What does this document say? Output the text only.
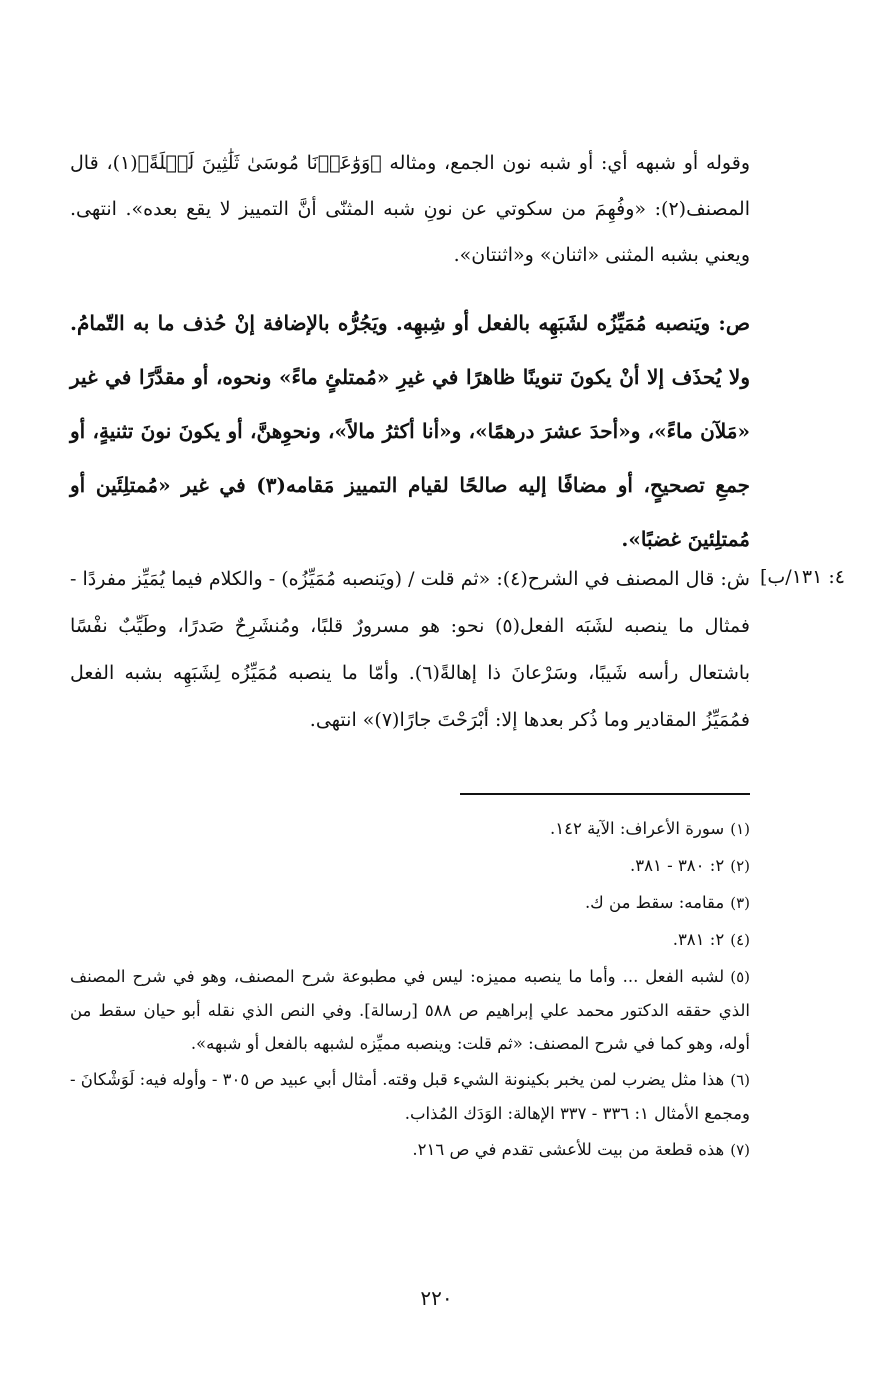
وقوله أو شبهه أي: أو شبه نون الجمع، ومثاله ﴿وَوَٰعَدۡنَا مُوسَىٰ ثَلَٰثِينَ لَيۡلَةً﴾(١)، قال المصنف(٢): «وفُهِمَ من سكوتي عن نونِ شبه المثنّى أنَّ التمييز لا يقع بعده». انتهى. ويعني بشبه المثنى «اثنان» و«اثنتان».

ص: ويَنصبه مُمَيِّزُه لشَبَهِه بالفعل أو شِبهِه. ويَجُرُّه بالإضافة إنْ حُذف ما به التّمامُ. ولا يُحذَف إلا أنْ يكونَ تنوينًا ظاهرًا في غيرِ «مُمتلئٍ ماءً» ونحوه، أو مقدَّرًا في غير «مَلآن ماءً»، و«أحدَ عشرَ درهمًا»، و«أنا أكثرُ مالاً»، ونحوِهنَّ، أو يكونَ نونَ تثنيةٍ، أو جمعِ تصحيحٍ، أو مضافًا إليه صالحًا لقيام التمييز مَقامه(٣) في غير «مُمتلِئَين أو مُمتلِئينَ غضبًا».

٤: ١٣١/ب]

ش: قال المصنف في الشرح(٤): «ثم قلت / (ويَنصبه مُمَيِّزُه) - والكلام فيما يُمَيِّز مفردًا - فمثال ما ينصبه لشَبَه الفعل(٥) نحو: هو مسرورٌ قلبًا، ومُنشَرِحٌ صَدرًا، وطَيِّبٌ نفْسًا باشتعال رأسه شَيبًا، وسَرْعانَ ذا إهالةً(٦). وأمّا ما ينصبه مُمَيِّزُه لِشَبَهِه بشبه الفعل فمُمَيِّزُ المقادير وما ذُكر بعدها إلا: أبْرَحْتَ جارًا(٧)» انتهى.

(١)سورة الأعراف: الآية ١٤٢.
(٢)٢: ٣٨٠ - ٣٨١.
(٣)مقامه: سقط من ك.
(٤)٢: ٣٨١.
(٥)لشبه الفعل ... وأما ما ينصبه مميزه: ليس في مطبوعة شرح المصنف، وهو في شرح المصنف الذي حققه الدكتور محمد علي إبراهيم ص ٥٨٨ [رسالة]. وفي النص الذي نقله أبو حيان سقط من أوله، وهو كما في شرح المصنف: «ثم قلت: وينصبه مميِّزه لشبهه بالفعل أو شبهه».
(٦)هذا مثل يضرب لمن يخبر بكينونة الشيء قبل وقته. أمثال أبي عبيد ص ٣٠٥ - وأوله فيه: لَوَشْكانَ - ومجمع الأمثال ١: ٣٣٦ - ٣٣٧ الإهالة: الوَدَك المُذاب.
(٧)هذه قطعة من بيت للأعشى تقدم في ص ٢١٦.
٢٢٠
